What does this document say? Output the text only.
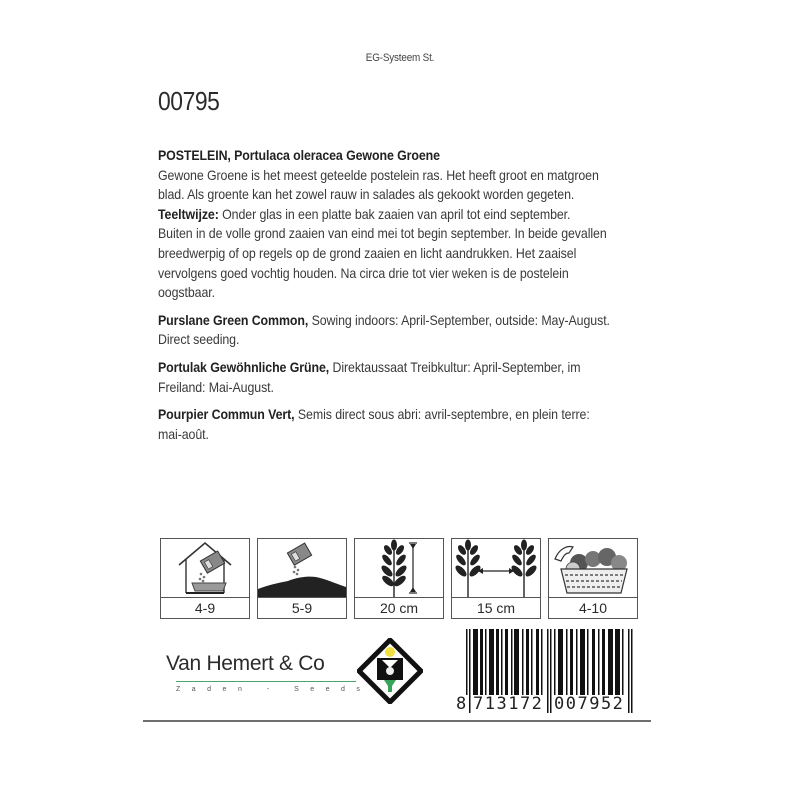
EG-Systeem St.
00795

POSTELEIN, Portulaca oleracea Gewone Groene
Gewone Groene is het meest geteelde postelein ras. Het heeft groot en matgroen
blad. Als groente kan het zowel rauw in salades als gekookt worden gegeten.
Teeltwijze: Onder glas in een platte bak zaaien van april tot eind september.
Buiten in de volle grond zaaien van eind mei tot begin september. In beide gevallen
breedwerpig of op regels op de grond zaaien en licht aandrukken. Het zaaisel
vervolgens goed vochtig houden. Na circa drie tot vier weken is de postelein
oogstbaar.

Purslane Green Common, Sowing indoors: April-September, outside: May-August.
Direct seeding.

Portulak Gewöhnliche Grüne, Direktaussaat Treibkultur: April-September, im
Freiland: Mai-August.

Pourpier Commun Vert, Semis direct sous abri: avril-septembre, en plein terre:
mai-août.

4-9	5-9	20 cm	15 cm	4-10
Van Hemert & Co
Zaden - Seeds
8 713172 007952
